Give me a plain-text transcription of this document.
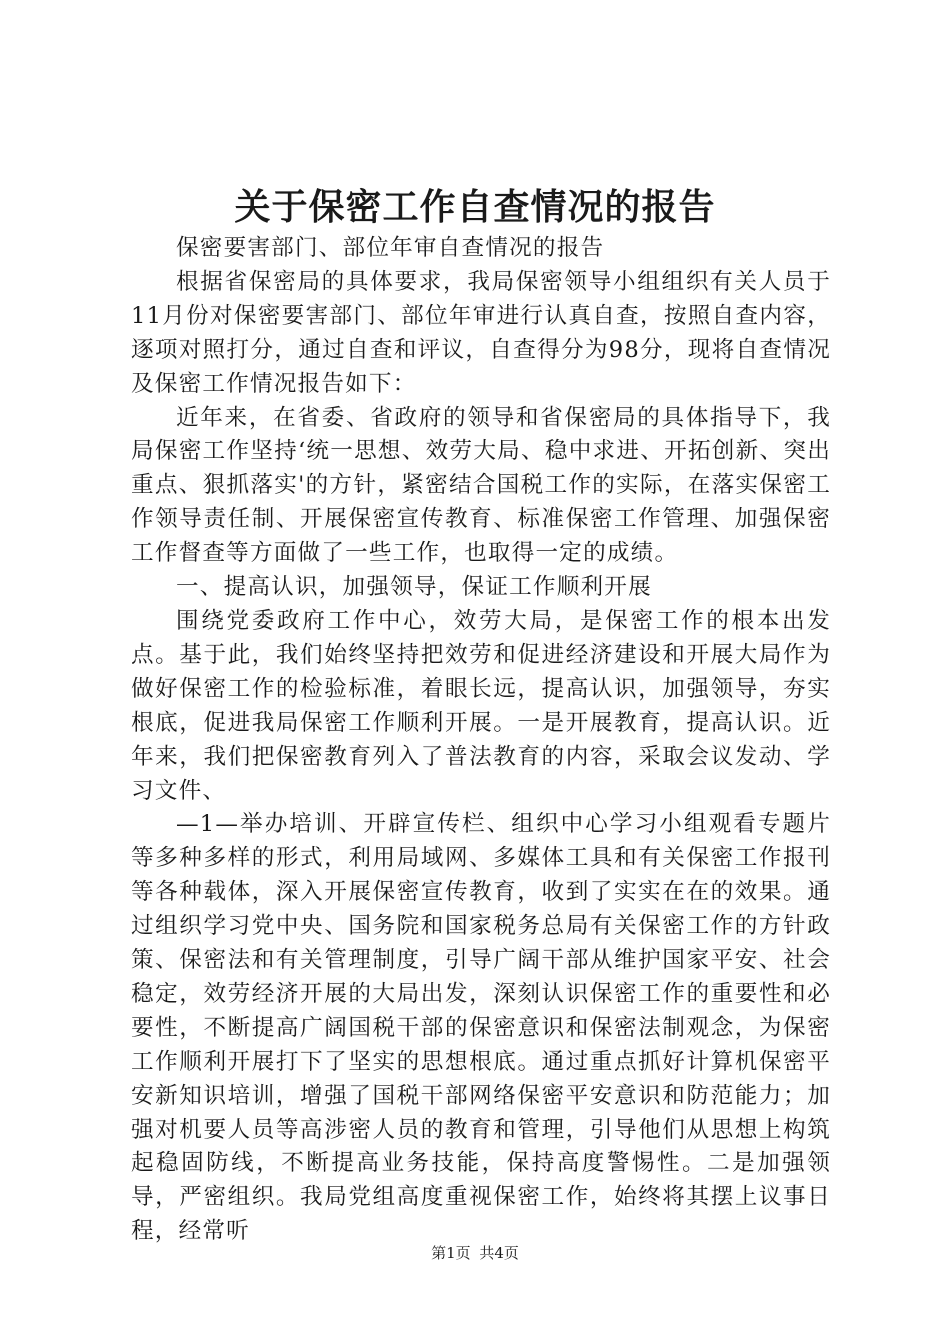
关于保密工作自查情况的报告

保密要害部门、部位年审自查情况的报告

根据省保密局的具体要求，我局保密领导小组组织有关人员于11月份对保密要害部门、部位年审进行认真自查，按照自查内容，逐项对照打分，通过自查和评议，自查得分为98分，现将自查情况及保密工作情况报告如下：

近年来，在省委、省政府的领导和省保密局的具体指导下，我局保密工作坚持‘统一思想、效劳大局、稳中求进、开拓创新、突出重点、狠抓落实'的方针，紧密结合国税工作的实际，在落实保密工作领导责任制、开展保密宣传教育、标准保密工作管理、加强保密工作督查等方面做了一些工作，也取得一定的成绩。

一、提高认识，加强领导，保证工作顺利开展

围绕党委政府工作中心，效劳大局，是保密工作的根本出发点。基于此，我们始终坚持把效劳和促进经济建设和开展大局作为做好保密工作的检验标准，着眼长远，提高认识，加强领导，夯实根底，促进我局保密工作顺利开展。一是开展教育，提高认识。近年来，我们把保密教育列入了普法教育的内容，采取会议发动、学习文件、

—1—举办培训、开辟宣传栏、组织中心学习小组观看专题片等多种多样的形式，利用局域网、多媒体工具和有关保密工作报刊等各种载体，深入开展保密宣传教育，收到了实实在在的效果。通过组织学习党中央、国务院和国家税务总局有关保密工作的方针政策、保密法和有关管理制度，引导广阔干部从维护国家平安、社会稳定，效劳经济开展的大局出发，深刻认识保密工作的重要性和必要性，不断提高广阔国税干部的保密意识和保密法制观念，为保密工作顺利开展打下了坚实的思想根底。通过重点抓好计算机保密平安新知识培训，增强了国税干部网络保密平安意识和防范能力；加强对机要人员等高涉密人员的教育和管理，引导他们从思想上构筑起稳固防线，不断提高业务技能，保持高度警惕性。二是加强领导，严密组织。我局党组高度重视保密工作，始终将其摆上议事日程，经常听

第1页 共4页
